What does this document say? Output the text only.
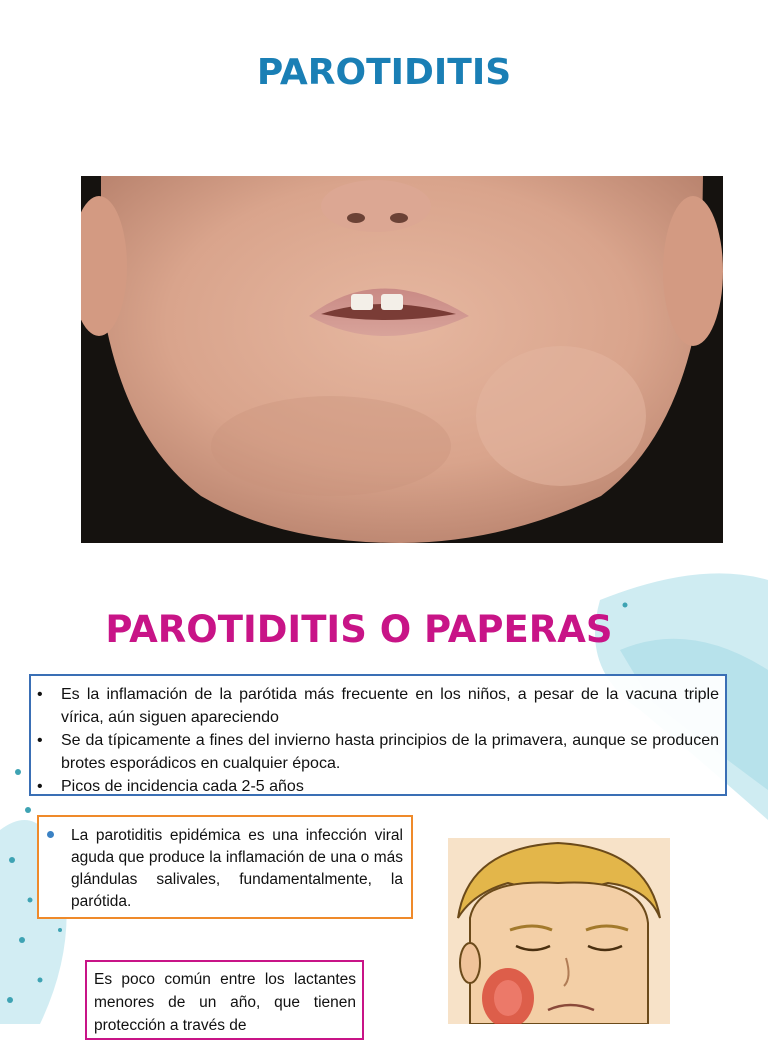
PAROTIDITIS
PAROTIDITIS O PAPERAS
• Es la inflamación de la parótida más frecuente en los niños, a pesar de la vacuna triple vírica, aún siguen apareciendo
• Se da típicamente a fines del invierno hasta principios de la primavera, aunque se producen brotes esporádicos en cualquier época.
• Picos de incidencia cada 2-5 años

La parotiditis epidémica es una infección viral aguda que produce la inflamación de una o más glándulas salivales, fundamentalmente, la parótida.

Es poco común entre los lactantes menores de un año, que tienen protección a través de
